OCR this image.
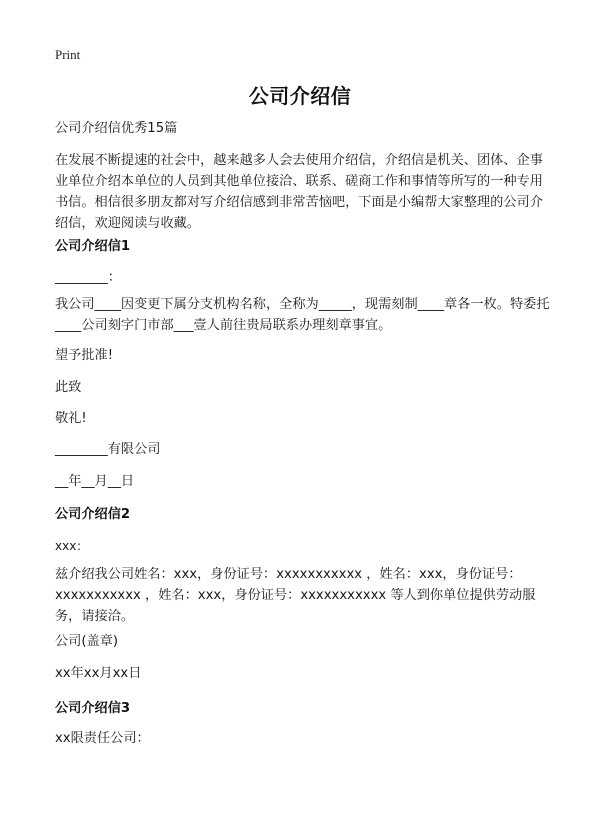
Print
公司介绍信
公司介绍信优秀15篇
在发展不断提速的社会中，越来越多人会去使用介绍信，介绍信是机关、团体、企事业单位介绍本单位的人员到其他单位接洽、联系、磋商工作和事情等所写的一种专用书信。相信很多朋友都对写介绍信感到非常苦恼吧，下面是小编帮大家整理的公司介绍信，欢迎阅读与收藏。
公司介绍信1
________：
我公司____因变更下属分支机构名称，全称为_____，现需刻制____章各一枚。特委托____公司刻字门市部___壹人前往贵局联系办理刻章事宜。
望予批准!
此致
敬礼!
________有限公司
__年__月__日
公司介绍信2
xxx：
兹介绍我公司姓名：xxx，身份证号：xxxxxxxxxxx ，姓名：xxx，身份证号：xxxxxxxxxxx ，姓名：xxx，身份证号：xxxxxxxxxxx 等人到你单位提供劳动服务，请接洽。
公司(盖章)
xx年xx月xx日
公司介绍信3
xx限责任公司：
